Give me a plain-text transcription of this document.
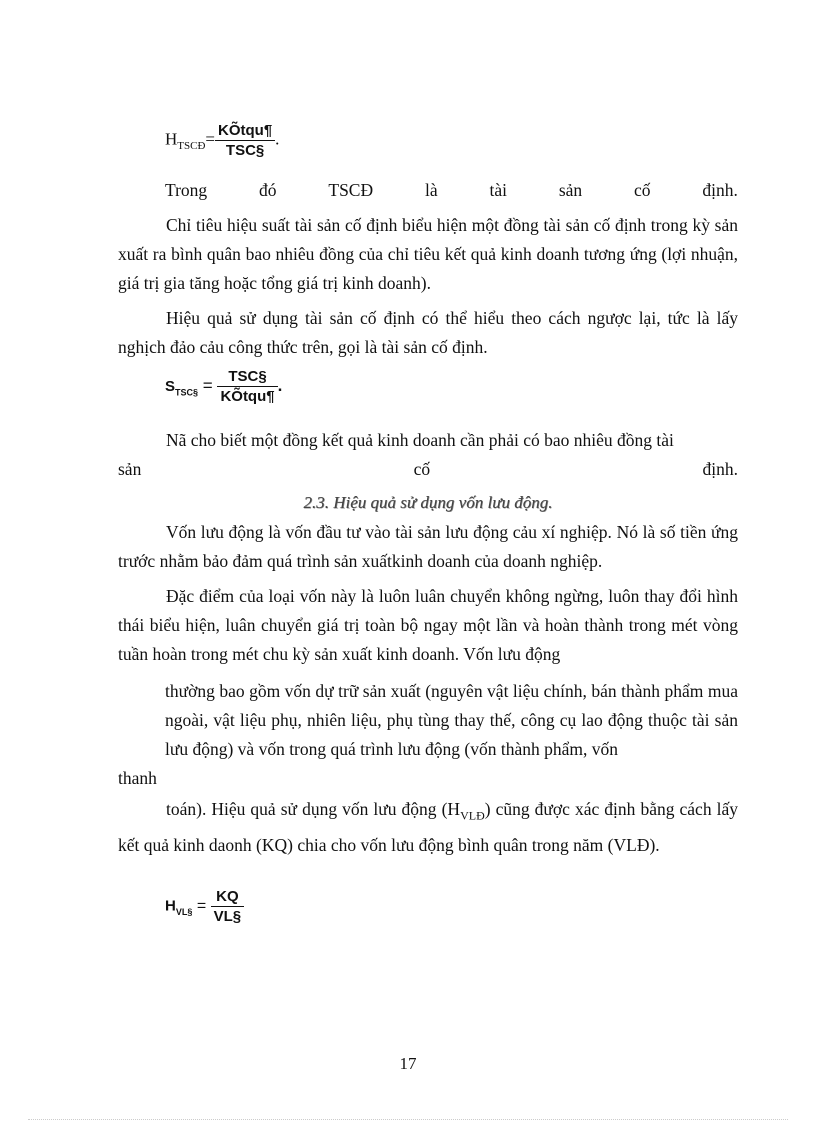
$H_{TSCĐ}= \frac{\text{KÕtqu¶}}{\text{TSC§}}$ .
Trong	đó	TSCĐ	là	tài	sản	cố	định.

Chỉ tiêu hiệu suất tài sản cố định biểu hiện một đồng tài sản cố định trong kỳ sản xuất ra bình quân bao nhiêu đồng của chỉ tiêu kết quả kinh doanh tương ứng (lợi nhuận, giá trị gia tăng hoặc tổng giá trị kinh doanh).

Hiệu quả sử dụng tài sản cố định có thể hiểu theo cách ngược lại, tức là lấy nghịch đảo cảu công thức trên, gọi là tài sản cố định.

$S_{TSC\S} = \frac{\text{TSC§}}{\text{KÕtqu¶}}$ .

Nã cho biết một đồng kết quả kinh doanh cần phải có bao nhiêu đồng tài

sản	cố	định.
2.3. Hiệu quả sử dụng vốn lưu động.

Vốn lưu động là vốn đầu tư vào tài sản lưu động cảu xí nghiệp. Nó là số tiền ứng trước nhằm bảo đảm quá trình sản xuấtkinh doanh của doanh nghiệp.

Đặc điểm của loại vốn này là luôn luân chuyển không ngừng, luôn thay đổi hình thái biểu hiện, luân chuyển giá trị toàn bộ ngay một lần và hoàn thành trong mét vòng tuần hoàn trong mét chu kỳ sản xuất kinh doanh. Vốn lưu động

thường bao gồm vốn dự trữ sản xuất (nguyên vật liệu chính, bán thành phẩm mua ngoài, vật liệu phụ, nhiên liệu, phụ tùng thay thế, công cụ lao động thuộc tài sản lưu động) và vốn trong quá trình lưu động (vốn thành phẩm, vốn

thanh

toán). Hiệu quả sử dụng vốn lưu động $(H_{VLĐ})$ cũng được xác định bằng cách lấy kết quả kinh daonh (KQ) chia cho vốn lưu động bình quân trong năm (VLĐ).

$H_{VL\S} = \frac{KQ}{VL\S}$
17
